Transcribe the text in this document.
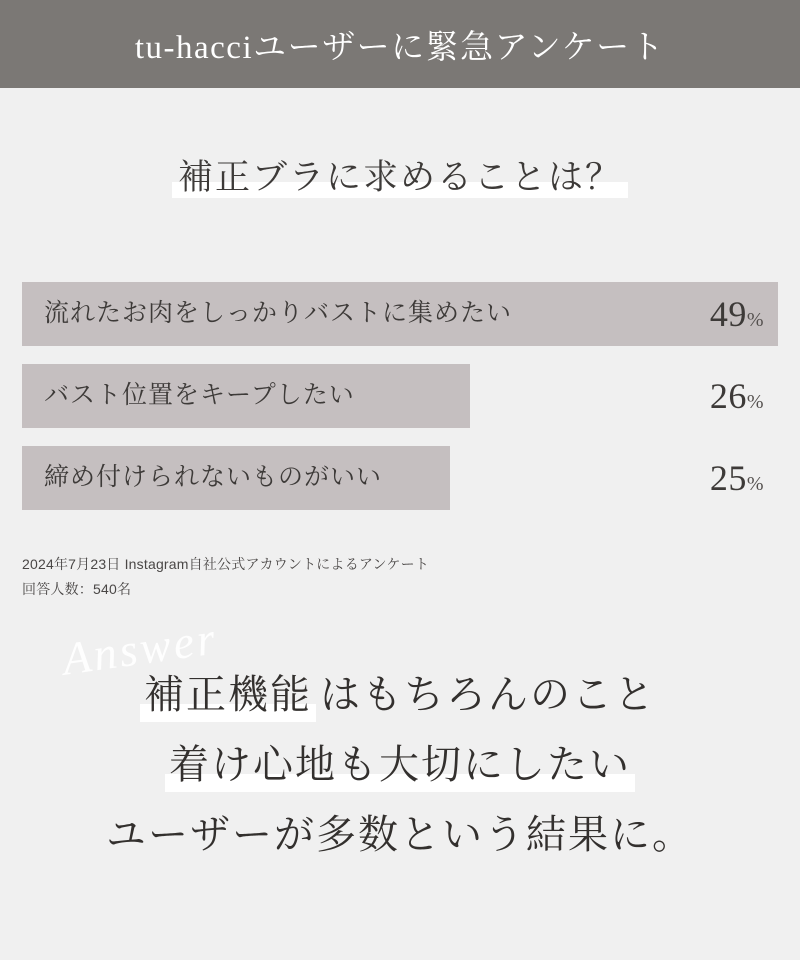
tu-hacciユーザーに緊急アンケート
補正ブラに求めることは？
流れたお肉をしっかりバストに集めたい	49%
バスト位置をキープしたい	26%
締め付けられないものがいい	25%
2024年7月23日 Instagram自社公式アカウントによるアンケート
回答人数：540名
Answer
補正機能 はもちろんのこと
着け心地も大切にしたい
ユーザーが多数という結果に。
